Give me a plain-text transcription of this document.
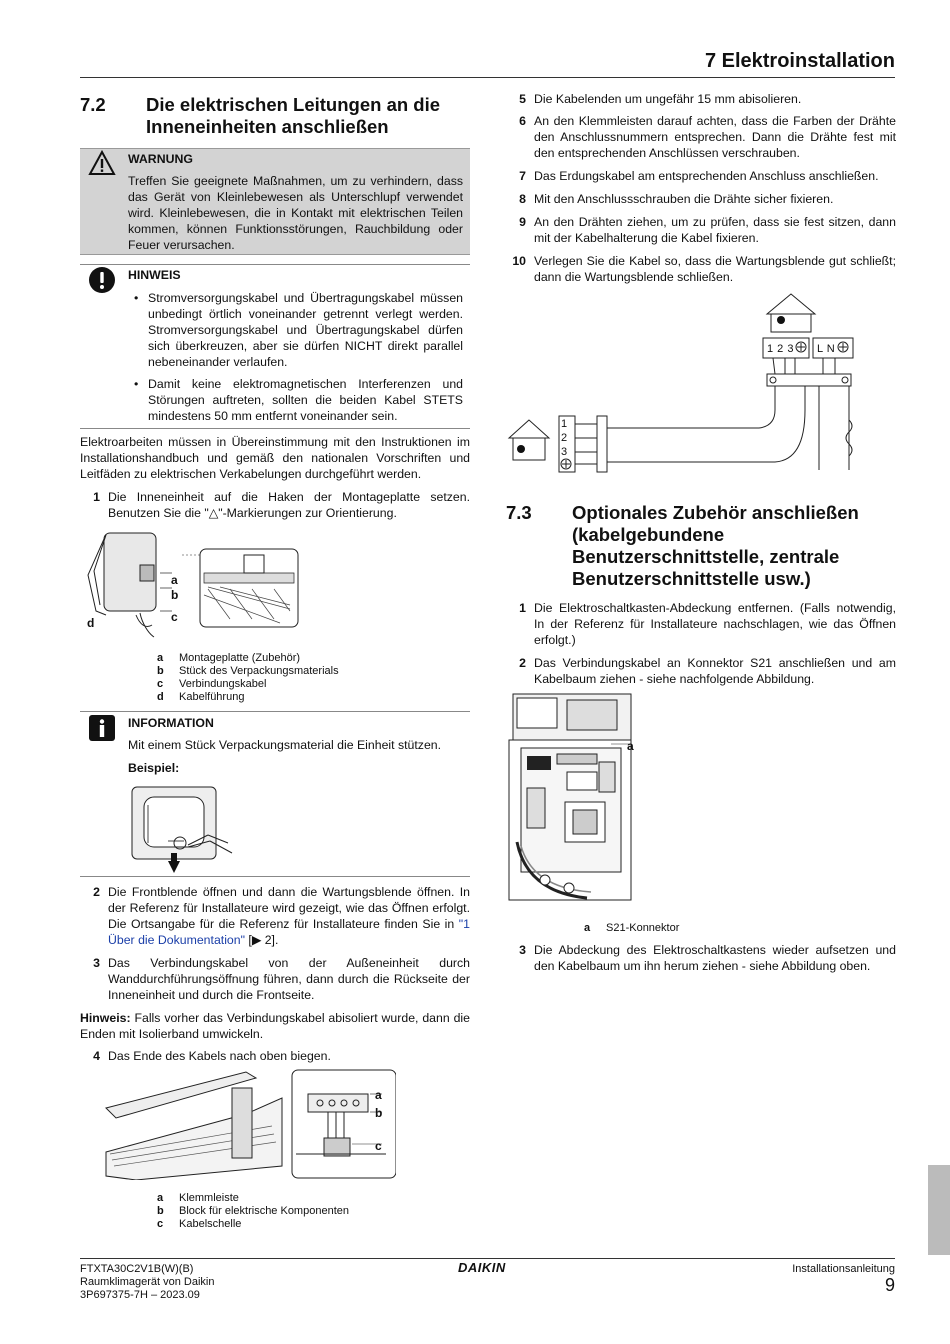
7 Elektroinstallation
7.2 Die elektrischen Leitungen an die
Inneneinheiten anschließen
WARNUNG
Treffen Sie geeignete Maßnahmen, um zu verhindern, dass das Gerät von Kleinlebewesen als Unterschlupf verwendet wird. Kleinlebewesen, die in Kontakt mit elektrischen Teilen kommen, können Funktionsstörungen, Rauchbildung oder Feuer verursachen.
HINWEIS
• Stromversorgungskabel und Übertragungskabel müssen unbedingt örtlich voneinander getrennt verlegt werden. Stromversorgungskabel und Übertragungskabel dürfen sich überkreuzen, aber sie dürfen NICHT direkt parallel nebeneinander verlaufen.
• Damit keine elektromagnetischen Interferenzen und Störungen auftreten, sollten die beiden Kabel STETS mindestens 50 mm entfernt voneinander sein.
Elektroarbeiten müssen in Übereinstimmung mit den Instruktionen im Installationshandbuch und gemäß den nationalen Vorschriften und Leitfäden zu elektrischen Verkabelungen durchgeführt werden.
1 Die Inneneinheit auf die Haken der Montageplatte setzen. Benutzen Sie die "△"-Markierungen zur Orientierung.
a
b
c
d
a Montageplatte (Zubehör)
b Stück des Verpackungsmaterials
c Verbindungskabel
d Kabelführung
INFORMATION
Mit einem Stück Verpackungsmaterial die Einheit stützen.
Beispiel:
2 Die Frontblende öffnen und dann die Wartungsblende öffnen. In der Referenz für Installateure wird gezeigt, wie das Öffnen erfolgt. Die Ortsangabe für die Referenz für Installateure finden Sie in "1 Über die Dokumentation" [▶ 2].
3 Das Verbindungskabel von der Außeneinheit durch Wanddurchführungsöffnung führen, dann durch die Rückseite der Inneneinheit und durch die Frontseite.
Hinweis: Falls vorher das Verbindungskabel abisoliert wurde, dann die Enden mit Isolierband umwickeln.
4 Das Ende des Kabels nach oben biegen.
a
b
c
a Klemmleiste
b Block für elektrische Komponenten
c Kabelschelle
5 Die Kabelenden um ungefähr 15 mm abisolieren.
6 An den Klemmleisten darauf achten, dass die Farben der Drähte den Anschlussnummern entsprechen. Dann die Drähte fest mit den entsprechenden Anschlüssen verschrauben.
7 Das Erdungskabel am entsprechenden Anschluss anschließen.
8 Mit den Anschlussschrauben die Drähte sicher fixieren.
9 An den Drähten ziehen, um zu prüfen, dass sie fest sitzen, dann mit der Kabelhalterung die Kabel fixieren.
10 Verlegen Sie die Kabel so, dass die Wartungsblende gut schließt; dann die Wartungsblende schließen.
1 2 3 L N
1
2
3
7.3 Optionales Zubehör anschließen
(kabelgebundene
Benutzerschnittstelle, zentrale
Benutzerschnittstelle usw.)
1 Die Elektroschaltkasten-Abdeckung entfernen. (Falls notwendig, In der Referenz für Installateure nachschlagen, wie das Öffnen erfolgt.)
2 Das Verbindungskabel an Konnektor S21 anschließen und am Kabelbaum ziehen - siehe nachfolgende Abbildung.
a
a S21-Konnektor
3 Die Abdeckung des Elektroschaltkastens wieder aufsetzen und den Kabelbaum um ihn herum ziehen - siehe Abbildung oben.
FTXTA30C2V1B(W)(B)
Raumklimagerät von Daikin
3P697375-7H – 2023.09
DAIKIN	Installationsanleitung
9
